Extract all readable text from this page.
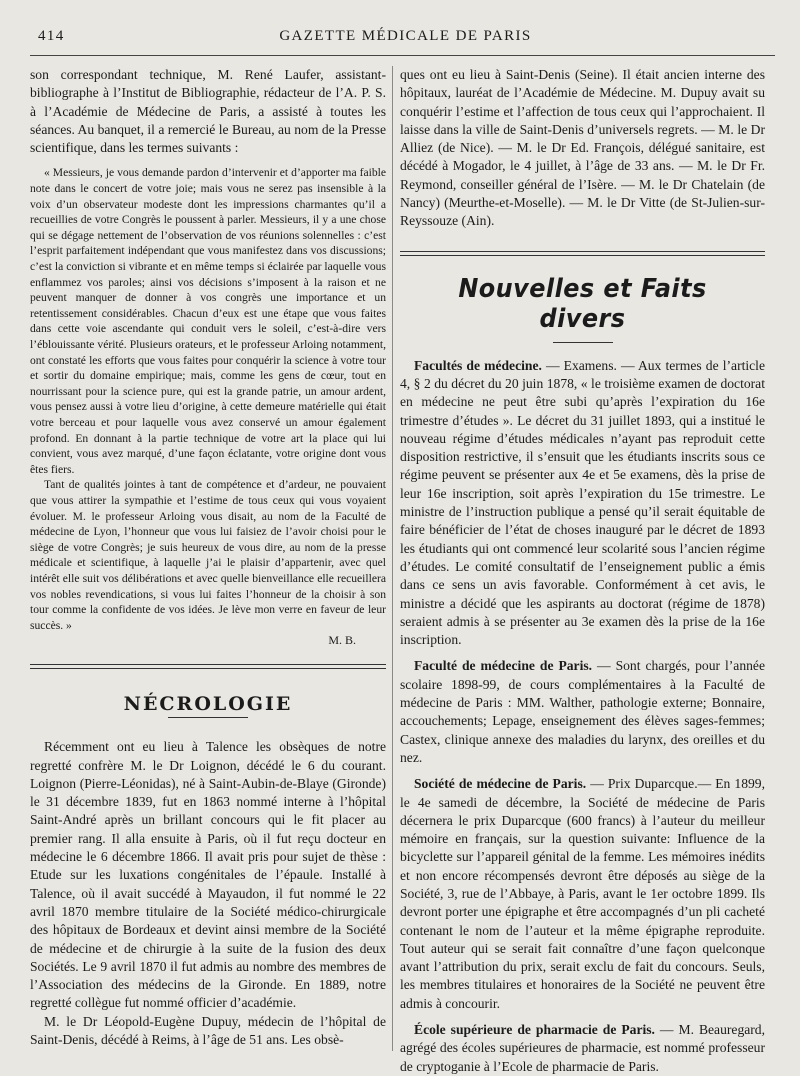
414	GAZETTE MÉDICALE DE PARIS

son correspondant technique, M. René Laufer, assistant-bibliographe à l’Institut de Bibliographie, rédacteur de l’A. P. S. à l’Académie de Médecine de Paris, a assisté à toutes les séances. Au banquet, il a remercié le Bureau, au nom de la Presse scientifique, dans les termes suivants :

« Messieurs, je vous demande pardon d’intervenir et d’apporter ma faible note dans le concert de votre joie; mais vous ne serez pas insensible à la voix d’un observateur modeste dont les impressions charmantes qu’il a recueillies de votre Congrès le poussent à parler. Messieurs, il y a une chose qui se dégage nettement de l’observation de vos réunions solennelles : c’est l’esprit parfaitement indépendant que vous manifestez dans vos discussions; c’est la conviction si vibrante et en même temps si éclairée par laquelle vous enflammez vos paroles; ainsi vos décisions s’imposent à la raison et ne peuvent manquer de donner à vos congrès une importance et un retentissement considérables. Chacun d’eux est une étape que vous faites dans cette voie ascendante qui conduit vers le soleil, c’est-à-dire vers l’éblouissante vérité. Plusieurs orateurs, et le professeur Arloing notamment, ont constaté les efforts que vous faites pour conquérir la science à votre tour et sortir du domaine empirique; mais, comme les gens de cœur, tout en nourrissant pour la science pure, qui est la grande patrie, un amour ardent, vous pensez aussi à votre lieu d’origine, à cette demeure matérielle qui était votre berceau et pour laquelle vous avez conservé un amour également profond. En donnant à la partie technique de votre art la place qui lui convient, vous avez marqué, d’une façon éclatante, votre origine dont vous êtes fiers.

Tant de qualités jointes à tant de compétence et d’ardeur, ne pouvaient que vous attirer la sympathie et l’estime de tous ceux qui vous voyaient évoluer. M. le professeur Arloing vous disait, au nom de la Faculté de médecine de Lyon, l’honneur que vous lui faisiez de l’avoir choisi pour le siège de votre Congrès; je suis heureux de vous dire, au nom de la presse médicale et scientifique, à laquelle j’ai le plaisir d’appartenir, avec quel intérêt elle suit vos délibérations et avec quelle bienveillance elle recueillera vos nobles revendications, si vous lui faites l’honneur de la choisir à son tour comme la confidente de vos idées. Je lève mon verre en faveur de leur succès. »

M. B.

NÉCROLOGIE

Récemment ont eu lieu à Talence les obsèques de notre regretté confrère M. le Dr Loignon, décédé le 6 du courant. Loignon (Pierre-Léonidas), né à Saint-Aubin-de-Blaye (Gironde) le 31 décembre 1839, fut en 1863 nommé interne à l’hôpital Saint-André après un brillant concours qui le fit placer au premier rang. Il alla ensuite à Paris, où il fut reçu docteur en médecine le 6 décembre 1866. Il avait pris pour sujet de thèse : Etude sur les luxations congénitales de l’épaule. Installé à Talence, où il avait succédé à Mayaudon, il fut nommé le 22 avril 1870 membre titulaire de la Société médico-chirurgicale des hôpitaux de Bordeaux et devint ainsi membre de la Société de médecine et de chirurgie à la suite de la fusion des deux Sociétés. Le 9 avril 1870 il fut admis au nombre des membres de l’Association des médecins de la Gironde. En 1889, notre regretté collègue fut nommé officier d’académie.

M. le Dr Léopold-Eugène Dupuy, médecin de l’hôpital de Saint-Denis, décédé à Reims, à l’âge de 51 ans. Les obsè-

ques ont eu lieu à Saint-Denis (Seine). Il était ancien interne des hôpitaux, lauréat de l’Académie de Médecine. M. Dupuy avait su conquérir l’estime et l’affection de tous ceux qui l’approchaient. Il laisse dans la ville de Saint-Denis d’universels regrets. — M. le Dr Alliez (de Nice). — M. le Dr Ed. François, délégué sanitaire, est décédé à Mogador, le 4 juillet, à l’âge de 33 ans. — M. le Dr Fr. Reymond, conseiller général de l’Isère. — M. le Dr Chatelain (de Nancy) (Meurthe-et-Moselle). — M. le Dr Vitte (de St-Julien-sur-Reyssouze (Ain).

Nouvelles et Faits divers

Facultés de médecine. — Examens. — Aux termes de l’article 4, § 2 du décret du 20 juin 1878, « le troisième examen de doctorat en médecine ne peut être subi qu’après l’expiration du 16e trimestre d’études ». Le décret du 31 juillet 1893, qui a institué le nouveau régime d’études médicales n’ayant pas reproduit cette disposition restrictive, il s’ensuit que les étudiants inscrits sous ce régime peuvent se présenter aux 4e et 5e examens, dès la prise de leur 16e inscription, soit après l’expiration du 15e trimestre. Le ministre de l’instruction publique a pensé qu’il serait équitable de faire bénéficier de l’état de choses inauguré par le décret de 1893 les étudiants qui ont commencé leur scolarité sous l’ancien régime d’études. Le comité consultatif de l’enseignement public a émis dans ce sens un avis favorable. Conformément à cet avis, le ministre a décidé que les aspirants au doctorat (régime de 1878) seraient admis à se présenter au 3e examen dès la prise de la 16e inscription.

Faculté de médecine de Paris. — Sont chargés, pour l’année scolaire 1898-99, de cours complémentaires à la Faculté de médecine de Paris : MM. Walther, pathologie externe; Bonnaire, accouchements; Lepage, enseignement des élèves sages-femmes; Castex, clinique annexe des maladies du larynx, des oreilles et du nez.

Société de médecine de Paris. — Prix Duparcque.— En 1899, le 4e samedi de décembre, la Société de médecine de Paris décernera le prix Duparcque (600 francs) à l’auteur du meilleur mémoire en français, sur la question suivante: Influence de la bicyclette sur l’appareil génital de la femme. Les mémoires inédits et non encore récompensés devront être déposés au siège de la Société, 3, rue de l’Abbaye, à Paris, avant le 1er octobre 1899. Ils devront porter une épigraphe et être accompagnés d’un pli cacheté contenant le nom de l’auteur et la même épigraphe reproduite. Tout auteur qui se serait fait connaître d’une façon quelconque avant l’attribution du prix, serait exclu de fait du concours. Seuls, les membres titulaires et honoraires de la Société ne peuvent être admis à concourir.

École supérieure de pharmacie de Paris. — M. Beauregard, agrégé des écoles supérieures de pharmacie, est nommé professeur de cryptoganie à l’Ecole de pharmacie de Paris.
